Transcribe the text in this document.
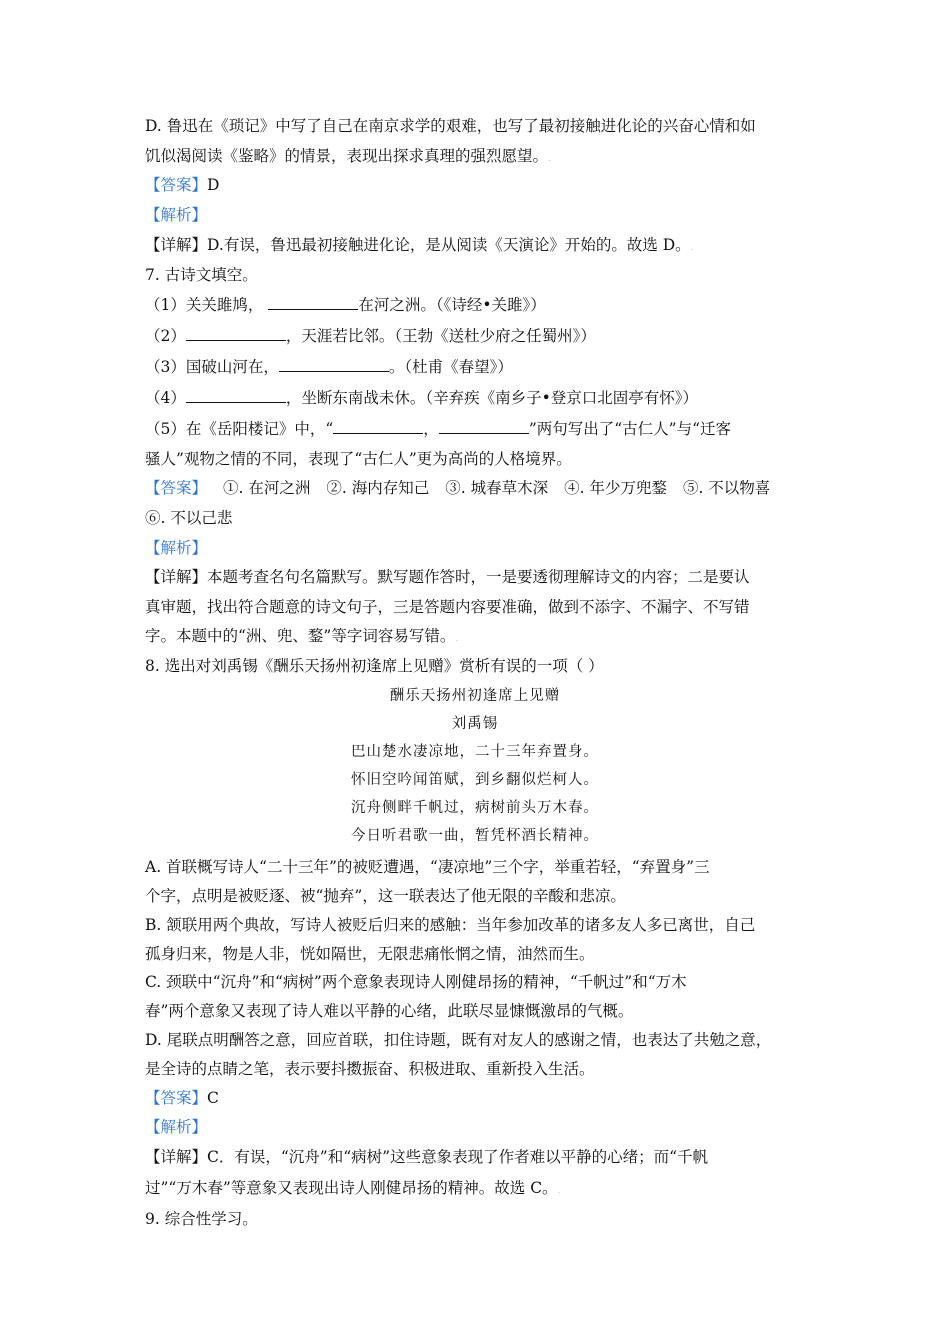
D. 鲁迅在《琐记》中写了自己在南京求学的艰难，也写了最初接触进化论的兴奋心情和如
饥似渴阅读《鉴略》的情景，表现出探求真理的强烈愿望。.
【答案】D
【解析】
【详解】D.有误，鲁迅最初接触进化论，是从阅读《天演论》开始的。故选 D。.
7. 古诗文填空。
（1）关关雎鸠，	在河之洲。（《诗经•关雎》）
（2）	，天涯若比邻。（王勃《送杜少府之任蜀州》）
（3）国破山河在，	。（杜甫《春望》）
（4）	，坐断东南战未休。（辛弃疾《南乡子•登京口北固亭有怀》）
（5）在《岳阳楼记》中，“	，	”两句写出了“古仁人”与“迁客
骚人”观物之情的不同，表现了“古仁人”更为高尚的人格境界。
【答案】 ①. 在河之洲 ②. 海内存知己 ③. 城春草木深 ④. 年少万兜鍪 ⑤. 不以物喜
⑥. 不以己悲
【解析】
【详解】本题考查名句名篇默写。默写题作答时，一是要透彻理解诗文的内容；二是要认
真审题，找出符合题意的诗文句子，三是答题内容要准确，做到不添字、不漏字、不写错
字。本题中的“洲、兜、鍪”等字词容易写错。.
8. 选出对刘禹锡《酬乐天扬州初逢席上见赠》赏析有误的一项（ ）
酬乐天扬州初逢席上见赠
刘禹锡
巴山楚水凄凉地，二十三年弃置身。
怀旧空吟闻笛赋，到乡翻似烂柯人。
沉舟侧畔千帆过，病树前头万木春。
今日听君歌一曲，暂凭杯酒长精神。
A. 首联概写诗人“二十三年”的被贬遭遇，“凄凉地”三个字，举重若轻，“弃置身”三
个字，点明是被贬逐、被“抛弃”，这一联表达了他无限的辛酸和悲凉。
B. 颔联用两个典故，写诗人被贬后归来的感触：当年参加改革的诸多友人多已离世，自己
孤身归来，物是人非，恍如隔世，无限悲痛怅惘之情，油然而生。
C. 颈联中“沉舟”和“病树”两个意象表现诗人刚健昂扬的精神，“千帆过”和“万木
春”两个意象又表现了诗人难以平静的心绪，此联尽显慷慨激昂的气概。
D. 尾联点明酬答之意，回应首联，扣住诗题，既有对友人的感谢之情，也表达了共勉之意，
是全诗的点睛之笔，表示要抖擞振奋、积极进取、重新投入生活。
【答案】C
【解析】
【详解】C．有误，“沉舟”和“病树”这些意象表现了作者难以平静的心绪；而“千帆
过”“万木春”等意象又表现出诗人刚健昂扬的精神。故选 C。.
9. 综合性学习。
